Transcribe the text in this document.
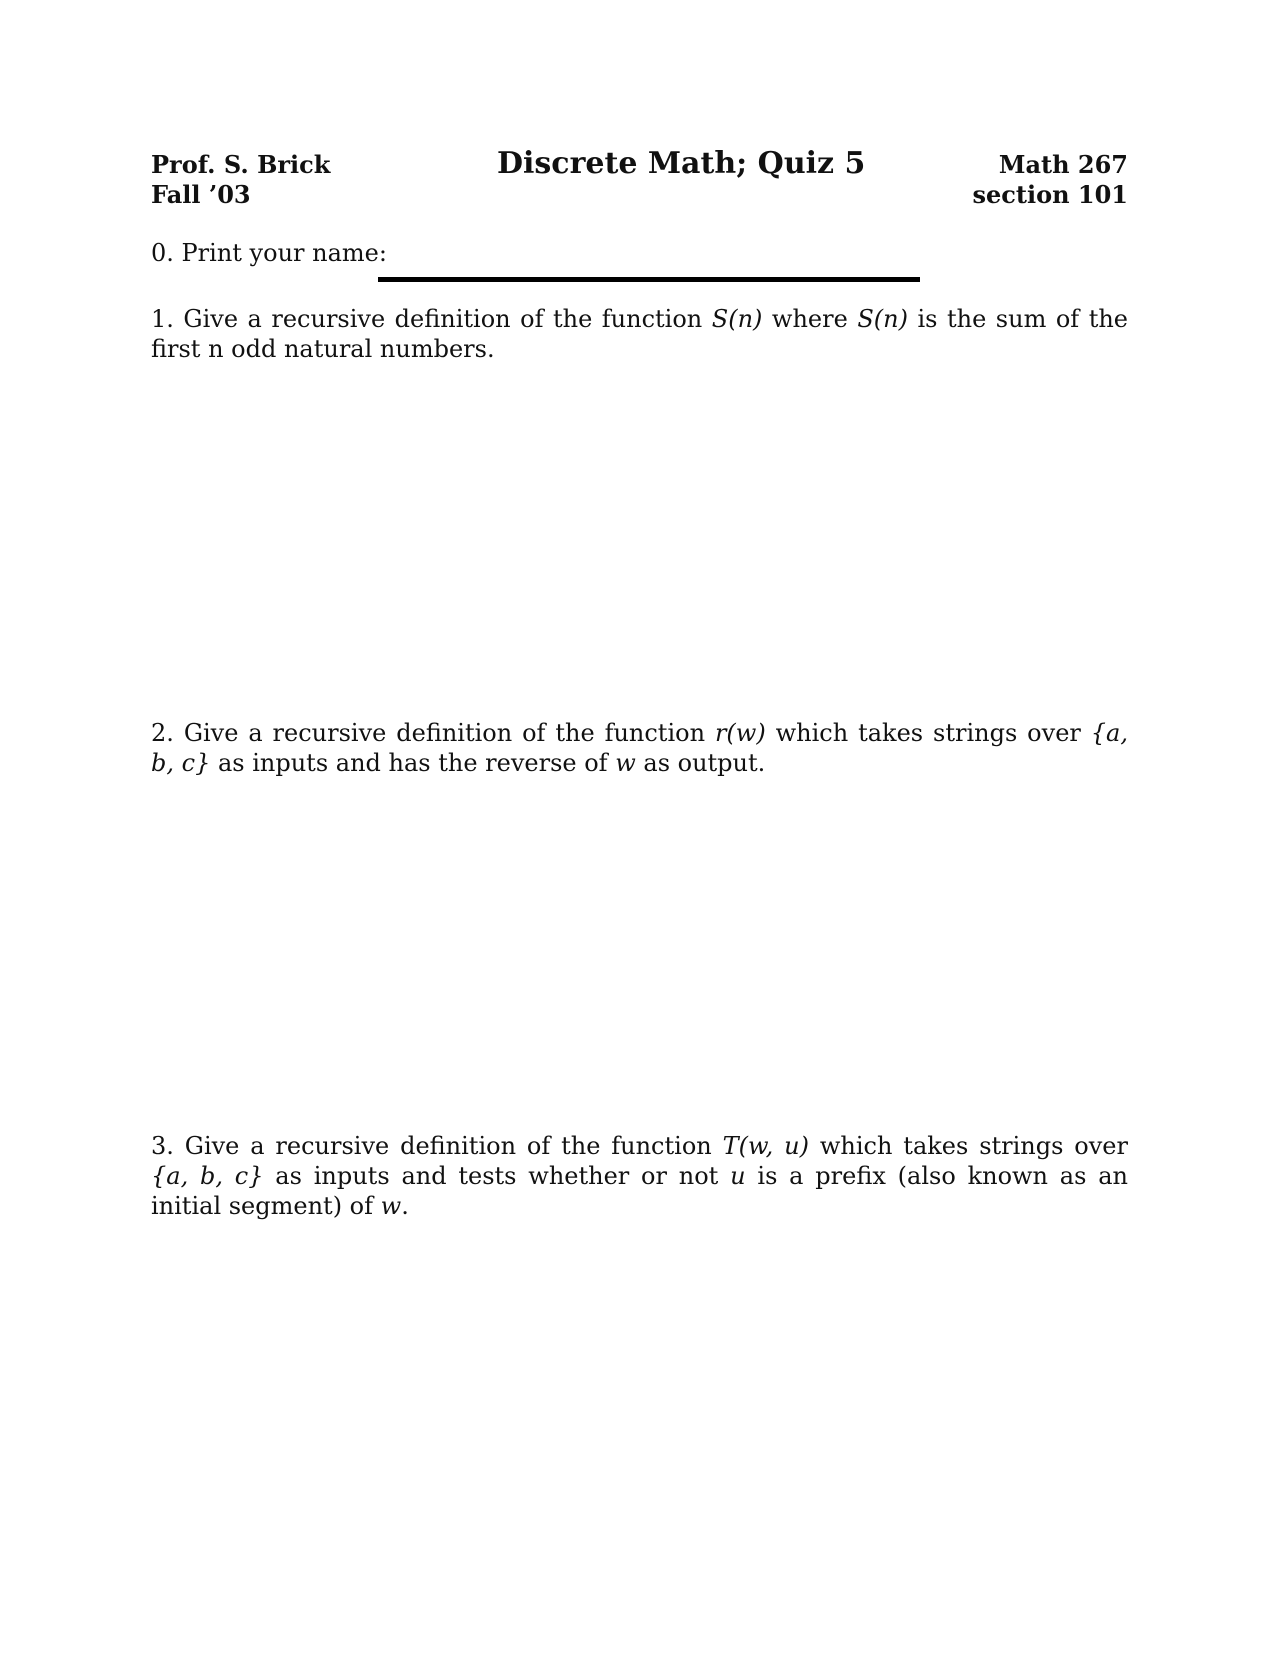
Prof. S. Brick
Fall ’03
Discrete Math; Quiz 5	Math 267
section 101
0. Print your name:
1. Give a recursive definition of the function S(n) where S(n) is the sum of the first n odd natural numbers.
2. Give a recursive definition of the function r(w) which takes strings over {a, b, c} as inputs and has the reverse of w as output.
3. Give a recursive definition of the function T(w, u) which takes strings over {a, b, c} as inputs and tests whether or not u is a prefix (also known as an initial segment) of w.
